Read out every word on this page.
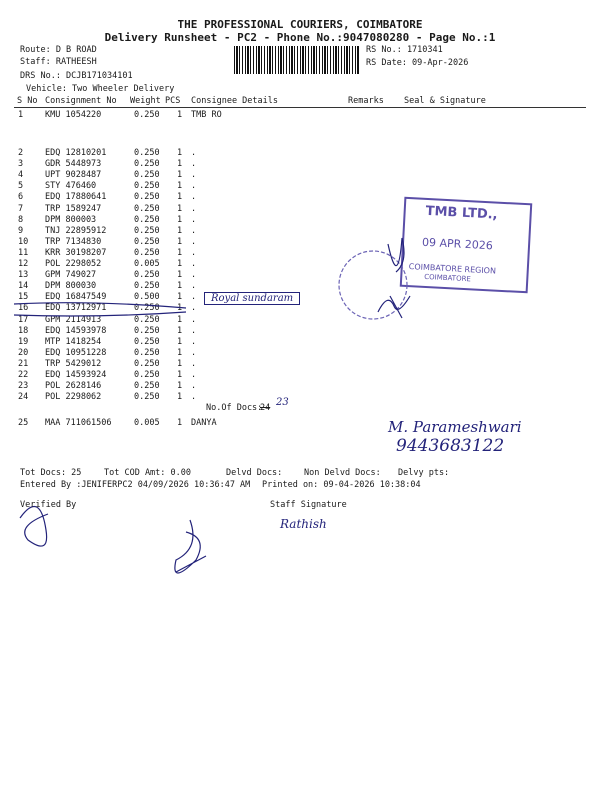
THE PROFESSIONAL COURIERS, COIMBATORE
Delivery Runsheet - PC2 - Phone No.:9047080280 - Page No.:1
Route: D B ROAD
Staff: RATHEESH
DRS No.: DCJB171034101
Vehicle: Two Wheeler Delivery
RS No.: 1710341
RS Date: 09-Apr-2026
S No Consignment No Weight PCS Consignee Details	Remarks Seal & Signature
1	KMU 1054220	0.250 1 TMB RO
2	EDQ 12810201	0.250 1 .
3	GDR 5448973	0.250 1 .
4	UPT 9028487	0.250 1 .
5	STY 476460	0.250 1 .
6	EDQ 17880641	0.250 1 .
7	TRP 1589247	0.250 1 .
8	DPM 800003	0.250 1 .
9	TNJ 22895912	0.250 1 .
10 TRP 7134830	0.250 1 .
11 KRR 30198207	0.250 1 .
12 POL 2298052	0.005 1 .
13 GPM 749027	0.250 1 .
14 DPM 800030	0.250 1 .
15 EDQ 16847549	0.500 1 .
16 EDQ 13712971	0.250 1 .
17 GPM 2114913	0.250 1 .
18 EDQ 14593978	0.250 1 .
19 MTP 1418254	0.250 1 .
20 EDQ 10951228	0.250 1 .
21 TRP 5429012	0.250 1 .
22 EDQ 14593924	0.250 1 .
23 POL 2628146	0.250 1 .
24 POL 2298062	0.250 1 .
No.Of Docs:
24 23
25 MAA 711061506	0.005 1 DANYA
Royal sundaram
M. Parameshwari
9443683122
TMB LTD.,
09 APR 2026
COIMBATORE REGION
COIMBATORE
Rathish
Tot Docs: 25	Tot COD Amt: 0.00	Delvd Docs:	Non Delvd Docs: Delvy pts:
Entered By :JENIFERPC2 04/09/2026 10:36:47 AM Printed on: 09-04-2026 10:38:04
Verified By	Staff Signature
